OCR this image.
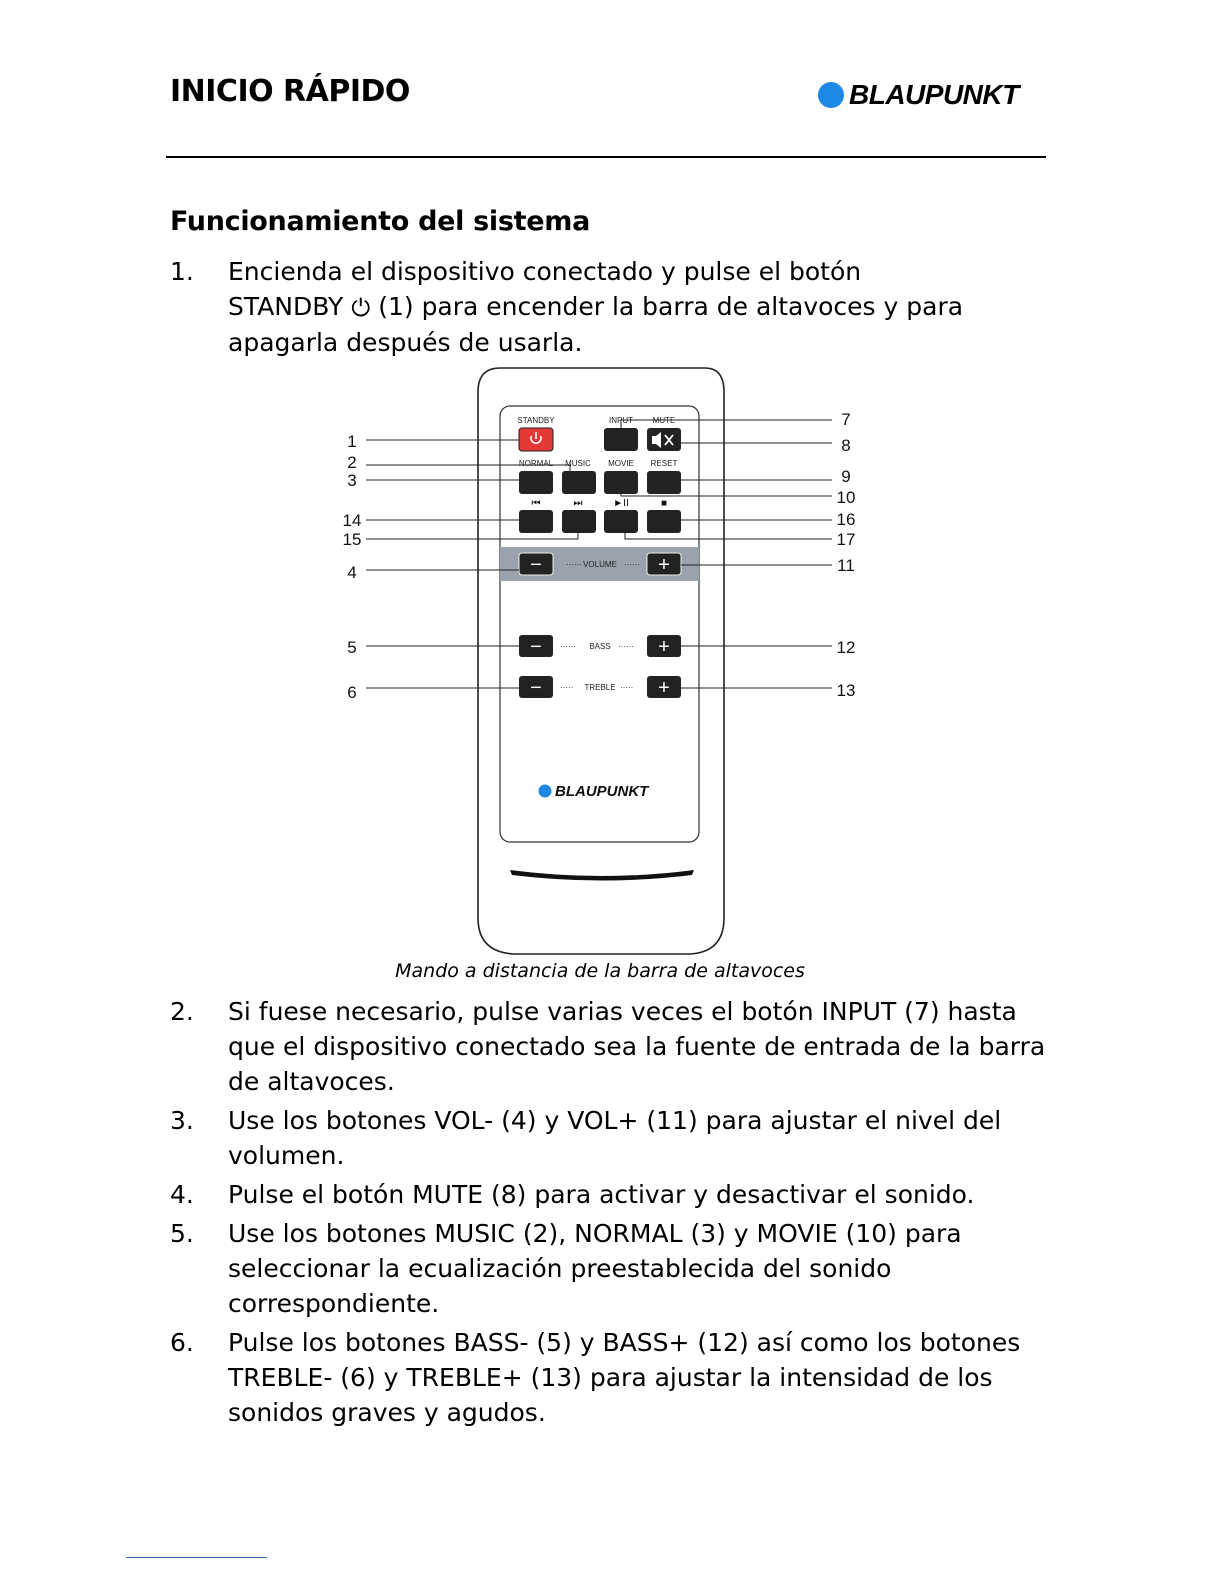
INICIO RÁPIDO	BLAUPUNKT
Funcionamiento del sistema
1. Encienda el dispositivo conectado y pulse el botón
STANDBY ⏻ (1) para encender la barra de altavoces y para
apagarla después de usarla.
STANDBY	INPUT MUTE
NORMAL MUSIC MOVIE RESET
⏮	⏭	►II	■
−	······ VOLUME ······ +
− ······ BASS ······ +
− ····· TREBLE ····· +
BLAUPUNKT
1
2
3
14
15
4
5
6
7
8
9
10
16
17
11
12
13
Mando a distancia de la barra de altavoces
2. Si fuese necesario, pulse varias veces el botón INPUT (7) hasta que el dispositivo conectado sea la fuente de entrada de la barra de altavoces.
3. Use los botones VOL- (4) y VOL+ (11) para ajustar el nivel del volumen.
4. Pulse el botón MUTE (8) para activar y desactivar el sonido.
5. Use los botones MUSIC (2), NORMAL (3) y MOVIE (10) para seleccionar la ecualización preestablecida del sonido correspondiente.
6. Pulse los botones BASS- (5) y BASS+ (12) así como los botones TREBLE- (6) y TREBLE+ (13) para ajustar la intensidad de los sonidos graves y agudos.
